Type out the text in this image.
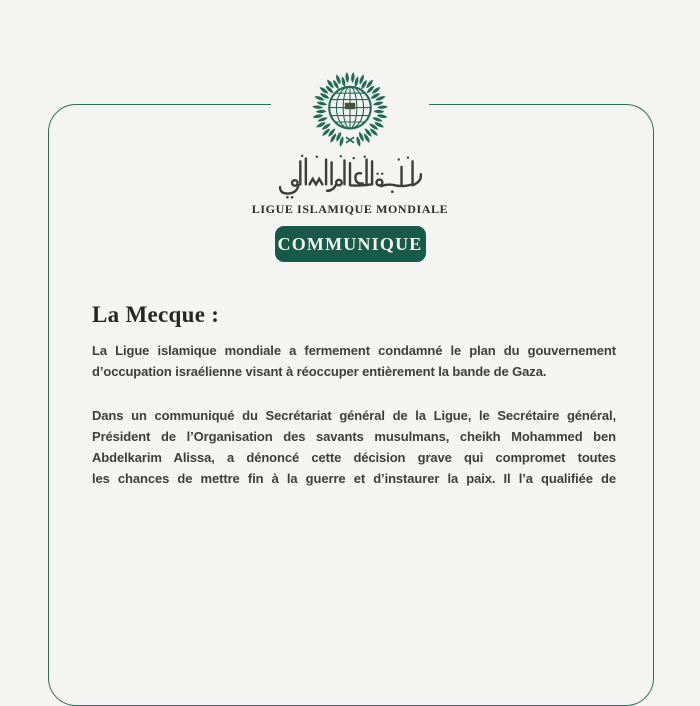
LIGUE ISLAMIQUE MONDIALE
COMMUNIQUE
La Mecque :

La Ligue islamique mondiale a fermement condamné le plan du gouvernement
d’occupation israélienne visant à réoccuper entièrement la bande de Gaza.

Dans un communiqué du Secrétariat général de la Ligue, le Secrétaire général,
Président de l’Organisation des savants musulmans, cheikh Mohammed ben
Abdelkarim Alissa, a dénoncé cette décision grave qui compromet toutes
les chances de mettre fin à la guerre et d’instaurer la paix. Il l’a qualifiée de
